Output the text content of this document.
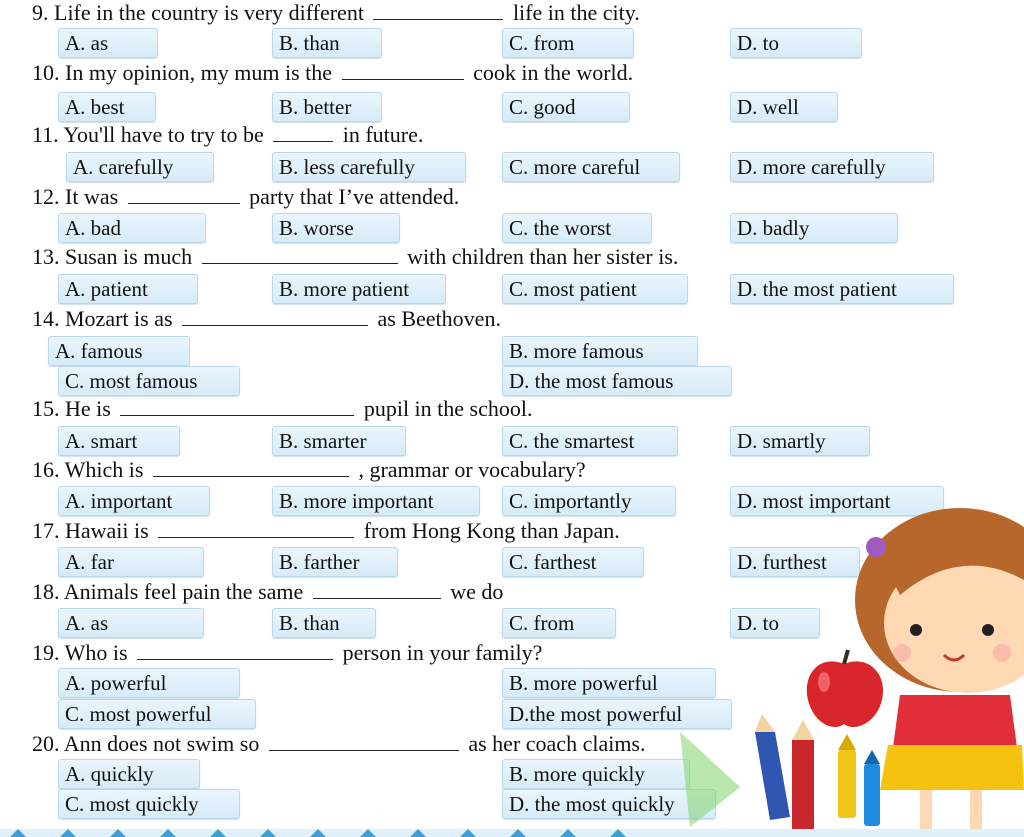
9. Life in the country is very different	life in the city.
A. as	B. than	C. from	D. to
10. In my opinion, my mum is the	cook in the world.
A. best	B. better	C. good	D. well
11. You'll have to try to be	in future.
A. carefully	B. less carefully	C. more careful	D. more carefully
12. It was	party that I’ve attended.
A. bad	B. worse	C. the worst	D. badly
13. Susan is much	with children than her sister is.
A. patient	B. more patient	C. most patient	D. the most patient
14. Mozart is as	as Beethoven.
A. famous	B. more famous
C. most famous	D. the most famous
15. He is	pupil in the school.
A. smart	B. smarter	C. the smartest	D. smartly
16. Which is	, grammar or vocabulary?
A. important	B. more important	C. importantly	D. most important
17. Hawaii is	from Hong Kong than Japan.
A. far	B. farther	C. farthest	D. furthest
18. Animals feel pain the same	we do
A. as	B. than	C. from	D. to
19. Who is	person in your family?
A. powerful	B. more powerful
C. most powerful	D.the most powerful
20. Ann does not swim so	as her coach claims.
A. quickly	B. more quickly
C. most quickly	D. the most quickly
